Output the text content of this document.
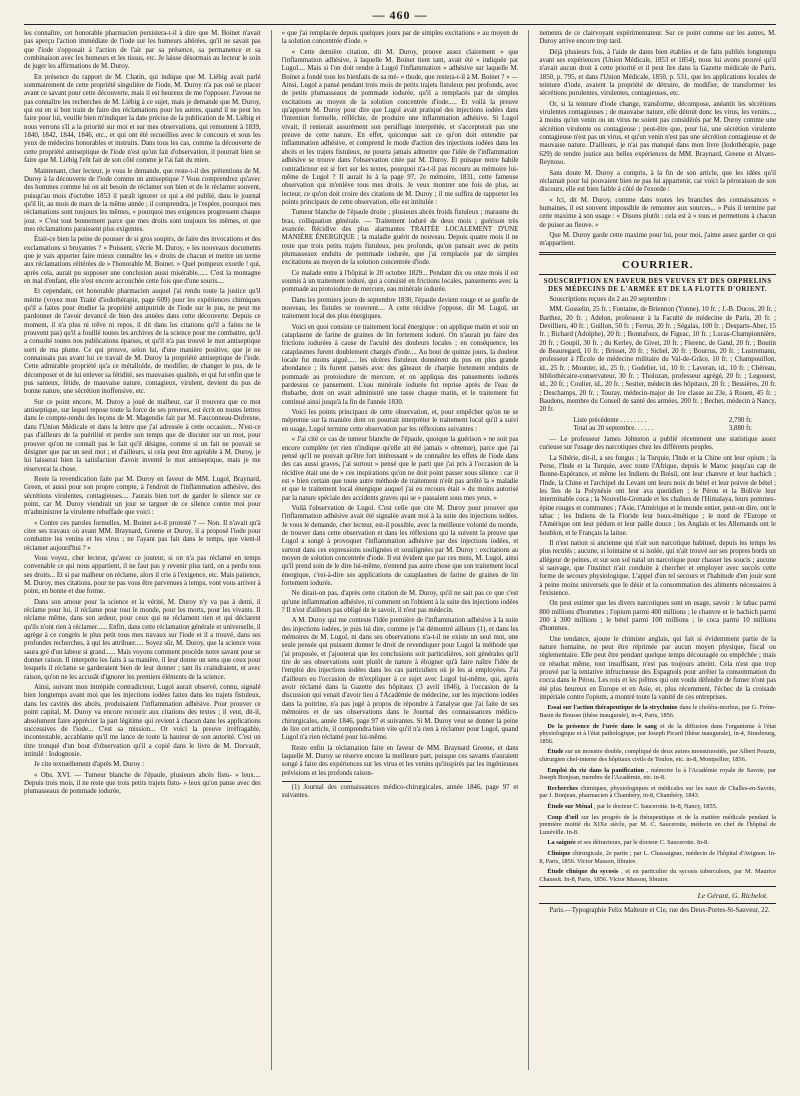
— 460 —

les connaître, cet honorable pharmacien persistera-t-il à dire que M. Boinet n'avait pas aperçu l'action immédiate de l'iode sur les humeurs altérées, qu'il ne savait pas que l'iode s'opposait à l'action de l'air par sa présence, sa permanence et sa combinaison avec les humeurs et les tissus, etc. Je laisse désormais au lecteur le soin de juger les affirmations de M. Duroy.

En présence du rapport de M. Chatin, qui indique que M. Liébig avait parlé sommairement de cette propriété singulière de l'iode, M. Duroy n'a pas osé se placer avant ce savant pour cette découverte, mais il est heureux de me l'opposer. J'avoue ne pas connaître les recherches de M. Liébig à ce sujet, mais je demande que M. Duroy, qui est en si bon train de faire des réclamations pour les autres, quand il ne peut les faire pour lui, veuille bien m'indiquer la date précise de la publication de M. Liébig et nous verrons s'il a la priorité sur moi et sur mes observations, qui remontent à 1839, 1840, 1842, 1844, 1846, etc., et qui ont été recueillies avec le concours et sous les yeux de médecins honorables et instruits. Dans tous les cas, comme la découverte de cette propriété antiseptique de l'iode n'est qu'un fait d'observation, il pourrait bien se faire que M. Liébig l'eût fait de son côté comme je l'ai fait du mien.

Maintenant, cher lecteur, je vous le demande, que reste-t-il des prétentions de M. Duroy à la découverte de l'iode comme un antiseptique ? Vous comprendrez qu'avec des hommes comme lui on ait besoin de réclamer son bien et de le réclamer souvent, puisqu'au mois d'octobre 1853 il paraît ignorer ce qui a été publié, dans le journal qu'il lit, au mois de mars de la même année ; il comprendra, je l'espère, pourquoi mes réclamations sont toujours les mêmes, « pourquoi mes exigences progressent chaque jour. » C'est tout bonnement parce que mes droits sont toujours les mêmes, et que mes réclamations paraissent plus exigentes.

Était-ce bien la peine de pousser de si gros soupirs, de faire des invocations et des exclamations si bruyantes ? « Puissent, s'écrie M. Duroy, » les nouveaux documents que je vais apporter faire mieux connaître les » droits de chacun et mettre un terme aux réclamations réitérées de » l'honorable M. Boinet. » Quel pompeux exorde ! qui, après cela, aurait pu supposer une conclusion aussi misérable...... C'est la montagne en mal d'enfant, elle n'est encore accouchée cette fois que d'une souris....

Et cependant, cet honorable pharmacien auquel j'ai rendu toute la justice qu'il mérite (voyez mon Traité d'iodothérapie, page 609) pour les expériences chimiques qu'il a faites pour étudier la propriété antiputride de l'iode sur le pus, ne peut me pardonner de l'avoir devancé de bien des années dans cette découverte. Depuis ce moment, il n'a plus ni trêve ni repos, il dit dans les citations qu'il a faites ne le prouvent pas) qu'il a fouillé toutes les archives de la science pour me combattre, qu'il a consulté toutes nos publications éparses, et qu'il n'a pas trouvé le mot antiseptique sorti de ma plume. Ce qui prouve, selon lui, d'une manière positive, que je ne connaissais pas avant lui ce travail de M. Duroy la propriété antiseptique de l'iode. Cette admirable propriété qu'a ce métalloïde, de modifier, de changer le pus, de le décomposer et de lui enlever sa fétidité, ses mauvaises qualités, et qui fut enfin que le pus sanieux, fétide, de mauvaise nature, contagieux, virulent, devient du pus de bonne nature, une sécrétion inoffensive, etc.

Sur ce point encore, M. Duroy a joué de malheur, car il trouvera que ce mot antiseptique, sur lequel repose toute la force de ses preuves, est écrit en toutes lettres dans le compte-rendu des leçons de M. Magendie fait par M. Fauconneau-Dufresne, dans l'Union Médicale et dans la lettre que j'ai adressée à cette occasion... N'est-ce pas d'ailleurs de la puérilité et perdre son temps que de discuter sur un mot, pour prouver qu'on ne connaît pas le fait qu'il désigne, comme si un fait ne pouvait se désigner que par un seul mot ; et d'ailleurs, si cela peut être agréable à M. Duroy, je lui laisserai bien la satisfaction d'avoir inventé le mot antiseptique, mais je me réserverai la chose.

Reste la revendication faite par M. Duroy en faveur de MM. Lugol, Braynard, Green, et aussi pour son propre compte, à l'endroit de l'inflammation adhésive, des sécrétions virulentes, contagieuses.... J'aurais bien tort de garder le silence sur ce point, car M. Duroy viendrait un jour se targuer de ce silence contre moi pour m'administrer la virulente rebuffade que voici :

« Contre ces paroles formelles, M. Boinet a-t-il protesté ? — Non. Il n'avait qu'à citer ses travaux où avant MM. Braynard, Greene et Duroy, il a proposé l'iode pour combattre les venins et les virus ; ne l'ayant pas fait dans le temps, que vient-il réclamer aujourd'hui ? »

Vous voyez, cher lecteur, qu'avec ce jouteur, si on n'a pas réclamé en temps convenable ce qui nous appartient, il ne faut pas y revenir plus tard, on a perdu tous ses droits... Et si par malheur on réclame, alors il crie à l'exigence, etc. Mais patience, M. Duroy, mes citations, pour ne pas vous être parvenues à temps, vont vous arriver à point, en bonne et due forme.

Dans son amour pour la science et la vérité, M. Duroy n'y va pas à demi, il réclame pour lui, il réclame pour tout le monde, pour les morts, pour les vivants. Il réclame même, dans son ardeur, pour ceux qui ne réclament rien et qui déclarent qu'ils n'ont rien à réclamer...... Enfin, dans cette réclamation générale et universelle, il agrège à ce congrès le plus petit tous mes travaux sur l'iode et il a trouvé, dans ses profondes recherches, à qui les attribuer..... Soyez sûr, M. Duroy, que la science vous saura gré d'un labeur si grand...... Mais voyons comment procède notre savant pour se donner raison. Il interprète les faits à sa manière, il leur donne un sens que ceux pour lesquels il réclame se garderaient bien de leur donner ; tant ils craindraient, et avec raison, qu'on ne les accusât d'ignorer les premiers éléments de la science.

Ainsi, suivant mon intrépide contradicteur, Lugol aurait observé, connu, signalé bien longtemps avant moi que les injections iodées faites dans les trajets fistuleux, dans les cavités des abcès, produisaient l'inflammation adhésive. Pour prouver ce point capital, M. Duroy va encore recourir aux citations des textes ; il veut, dit-il, absolument faire apprécier la part légitime qui revient à chacun dans les applications successives de l'iode... C'est sa mission... Or voici la preuve irréfragable, incontestable, accablante qu'il me lance de toute la hauteur de son autorité. C'est un titre tronqué d'un bout d'observation qu'il a copié dans le livre de M. Dorvault, intitulé : Iodognosie.

Je cite textuellement d'après M. Duroy :

« Obs. XVI. — Tumeur blanche de l'épaule, plusieurs abcès fistu- » leux.... Depuis trois mois, il ne reste que trois petits trajets fistu- » leux qu'on panse avec des plumasseaux de pommade iodurée,

» que j'ai remplacée depuis quelques jours par de simples excitations » au moyen de la solution concentrée d'iode. »

« Cette dernière citation, dit M. Duroy, prouve assez clairement » que l'inflammation adhésive, à laquelle M. Boinet tient tant, avait été » indiquée par Lugol.... Mais si l'on doit rendre à Lugol l'inflammation » adhésive sur laquelle M. Boinet a fondé tous les bienfaits de sa mé- » thode, que restera-t-il à M. Boinet ? » — Ainsi, Lugol a pansé pendant trois mois de petits trajets fistuleux peu profonds, avec de petits plumasseaux de pommade iodurée, qu'il a remplacés par de simples excitations au moyen de la solution concentrée d'iode..... Et voilà la preuve qu'apporte M. Duroy pour dire que Lugol avait pratiqué des injections iodées dans l'intention formelle, réfléchie, de produire une inflammation adhésive. Si Lugol vivait, il renierait assurément son persiflage interprétée, et s'accepterait pas une preuve de cette nature. En effet, quiconque sait ce qu'on doit entendre par inflammation adhésive, et comprend le mode d'action des injections iodées dans les abcès et les trajets fistuleux, ne pourra jamais admettre que l'idée de l'inflammation adhésive se trouve dans l'observation citée par M. Duroy. Et puisque notre habile contradicteur est si fort sur les textes, pourquoi n'a-t-il pas recouru au mémoire lui-même de Lugol ? Il aurait lu à la page 97, 2e mémoire, 1831, cette fameuse observation qui m'enlève tous mes droits. Je veux montrer une fois de plus, au lecteur, ce qu'on doit croire des citations de M. Duroy ; il me suffira de rapporter les points principaux de cette observation, elle est intitulée :

Tumeur blanche de l'épaule droite ; plusieurs abcès froids fistuleux ; marasme du bras, colliquation générale. — Traitement ioduré de deux mois ; guérison très avancée. Récidive des plus alarmantes TRAITÉE LOCALEMENT D'UNE MANIÈRE ÉNERGIQUE ; la maladie guérit de nouveau. Depuis quatre mois il ne reste que trois petits trajets fistuleux, peu profonds, qu'on pansait avec de petits plumasseaux enduits de pommade iodurée, que j'ai remplacée par de simples excitations au moyen de la solution concentrée d'iode.

Ce malade entre à l'hôpital le 20 octobre 1829... Pendant dix ou onze mois il est soumis à un traitement ioduré, qui a consisté en frictions locales, pansements avec la pommade au protoiodure de mercure, eau minérale iodurée.

Dans les premiers jours de septembre 1830, l'épaule devient rouge et se gonfle de nouveau, les fistules se rouvrent.... A cette récidive j'oppose, dit M. Lugol, un traitement local des plus énergiques.

Voici en quoi consiste ce traitement local énergique : on applique matin et soir un cataplasme de farine de graines de lin fortement ioduré. On n'aurait pu faire des frictions iodurées à cause de l'acuité des douleurs locales ; en conséquence, les cataplasmes furent doublement chargés d'iode.... Au bout de quinze jours, la douleur locale fut moins aiguë..... les ulcères fistuleux donnèrent du pus en plus grande abondance ; ils furent pansés avec des gâteaux de charpie fortement enduits de pommade au protoiodure de mercure, et on appliqua des pansements iodurés pardessus ce pansement. L'eau minérale iodurée fut reprise après de l'eau de rhubarbe, dont on avait administré une tasse chaque matin, et le traitement fut continué ainsi jusqu'à la fin de l'année 1830.

Voici les points principaux de cette observation, et, pour empêcher qu'on ne se méprenne sur la manière dont on pourrait interpréter le traitement local qu'il a suivi en usage, Lugol termine cette observation par les réflexions suivantes :

« J'ai cité ce cas de tumeur blanche de l'épaule, quoique la guérison » ne soit pas encore complète (et rien n'indique qu'elle ait été jamais » obtenue), parce que j'ai pensé qu'il ne pouvait qu'être fort intéressant » de connaître les effets de l'iode dans des cas aussi graves, j'ai surtout » pensé que le parti que j'ai pris à l'occasion de la récidive était une de » ces inspirations qu'on ne doit point passer sous silence : car il est » bien certain que toute autre méthode de traitement n'eût pas arrêté la » maladie et que le traitement local énergique auquel j'ai eu recours était » du moins autorisé par la nature spéciale des accidents graves qui se » passaient sous mes yeux. »

Voilà l'observation de Lugol. C'est celle que cite M. Duroy pour prouver que l'inflammation adhésive avait été signalée avant moi à la suite des injections iodées. Je vous le demande, cher lecteur, est-il possible, avec la meilleure volonté du monde, de trouver dans cette observation et dans les réflexions qui la suivent la preuve que Lugol a songé à provoquer l'inflammation adhésive par des injections iodées, et surtout dans ces expressions soulignées et souslignées par M. Duroy : excitations au moyen de solution concentrée d'iode. Il est évident que par ces mots, M. Lugol, ainsi qu'il prend soin de le dire lui-même, n'entend pas autre chose que son traitement local énergique, c'est-à-dire ses applications de cataplasmes de farine de graines de lin fortement iodurés.

Ne dirait-on pas, d'après cette citation de M. Duroy, qu'il ne sait pas ce que c'est qu'une inflammation adhésive, ni comment on l'obtient à la suite des injections iodées ? Il n'est d'ailleurs pas obligé de le savoir, il n'est pas médecin.

A M. Duroy qui me conteste l'idée première de l'inflammation adhésive à la suite des injections iodées, je puis lui dire, comme je l'ai démontré ailleurs (1), et dans les mémoires de M. Lugol, ni dans ses observations n'a-t-il ne existe un seul mot, une seule pensée qui puissent donner le droit de revendiquer pour Lugol la méthode que j'ai proposée, et j'ajouterai que les conclusions soit particulières, soit générales qu'il tire de ses observations sont plutôt de nature à éloigner qu'à faire naître l'idée de l'emploi des injections iodées dans les cas particuliers où je les ai employées. J'ai d'ailleurs eu l'occasion de m'expliquer à ce sujet avec Lugol lui-même, qui, après avoir réclamé dans la Gazette des hôpitaux (3 avril 1846), à l'occasion de la discussion qui venait d'avoir lieu à l'Académie de médecine, sur les injections iodées dans la poitrine, n'a pas jugé à propos de répondre à l'analyse que j'ai faite de ses mémoires et de ses observations dans le Journal des connaissances médico-chirurgicales, année 1846, page 97 et suivantes. Si M. Duroy veut se donner la peine de lire cet article, il comprendra bien vite qu'il n'a rien à réclamer pour Lugol, quand Lugol n'a rien réclamé pour lui-même.

Reste enfin la réclamation faite en faveur de MM. Braynard Greene, et dans laquelle M. Duroy se réserve encore la meilleure part, puisque ces savants n'auraient songé à faire des expériences sur les virus et les venins qu'inspirés par les ingénieuses prévisions et les profonds raison-

(1) Journal des connaissances médico-chirurgicales, année 1846, page 97 et suivantes.

nements de ce clairvoyant expérimentateur. Sur ce point comme sur les autres, M. Duroy arrive encore trop tard.

Déjà plusieurs fois, à l'aide de dates bien établies et de faits publiés longtemps avant ses expériences (Union Médicale, 1853 et 1854), nous lui avons prouvé qu'il n'avait aucun droit à cette priorité et il peut lire dans la Gazette médicale de Paris, 1850, p. 795, et dans l'Union Médicale, 1850, p. 531, que les applications locales de teinture d'iode, avaient la propriété de détruire, de modifier, de transformer les sécrétions purulentes, virulentes, contagieuses, etc.

Or, si la teinture d'iode change, transforme, décompose, anéantit les sécrétions virulentes contagieuses ; de mauvaise nature, elle détruit donc les virus, les venins..., à moins qu'un venin ou un virus ne soient pas considérés par M. Duroy comme une sécrétion virulente ou contagieuse ; peut-être que, pour lui, une sécrétion virulente contagieuse n'est pas un virus, et qu'un venin n'est pas une sécrétion contagieuse et de mauvaise nature. D'ailleurs, je n'ai pas manqué dans mon livre (Iodothérapie, page 629) de rendre justice aux belles expériences de MM. Braynard, Greene et Alvaro-Reynoso.

Sans doute M. Duroy a compris, à la fin de son article, que les idées qu'il réclamait pour lui pouvaient bien ne pas lui appartenir, car voici la péroraison de son discours, elle est bien faible à côté de l'exorde :

« Ici, dit M. Duroy, comme dans toutes les branches des connaissances » humaines, il est souvent impossible de remonter aux sources... » Puis il termine par cette maxime à son usage : « Disons plutôt : cela est à » tous et permettons à chacun de puiser au fleuve. »

Que M. Duroy garde cette maxime pour lui, pour moi, j'aime assez garder ce qui m'appartient.

COURRIER.
SOUSCRIPTION EN FAVEUR DES VEUVES ET DES ORPHELINS DES MÉDECINS DE L'ARMÉE ET DE LA FLOTTE D'ORIENT.

Souscriptions reçues du 2 au 20 septembre :

MM. Gosselin, 25 fr. ; Fontaine, de Briennon (Yonne), 10 fr. ; J.-B. Ducos, 20 fr. ; Barthez, 20 fr. ; Adelon, professeur à la Faculté de médecine de Paris, 20 fr. ; Devilliers, 40 fr. ; Guillon, 50 fr. ; Ferrus, 20 fr. ; Ségalas, 100 fr. ; Desparts-Aber, 15 fr. ; Richard (Adolphe), 20 fr. ; Bonnafoux, de Figeac, 10 fr. ; Lucas-Championnière, 20 fr. ; Goupil, 30 fr. ; du Kerley, de Givet, 20 fr. ; Flerenc, de Gand, 20 fr. ; Boutin de Beauregard, 10 fr. ; Brisset, 20 fr. ; Sichel, 20 fr. ; Bourrus, 20 fr. ; Lustremann, professeur à l'École de médecine militaire du Val-de-Grâce, 10 fr. ; Champouillon, id., 25 fr. ; Mounier, id., 25 fr. ; Godelier, id., 10 fr. ; Laveran, id., 10 fr. ; Chéreau, bibliothécaire-conservateur, 30 fr. ; Tholozan, professeur agrégé, 20 fr. ; Legouest, id., 20 fr. ; Coulier, id., 20 fr. ; Sestier, médecin des hôpitaux, 20 fr. ; Bessières, 20 fr. ; Deschamps, 20 fr. ; Touray, médecin-major de 1re classe au 23e, à Rouen, 45 fr. ; Baudens, membre du Conseil de santé des armées, 200 fr. ; Bechet, médecin à Nancy, 20 fr.

Liste précédente . . . . . . . .	2,790 fr.
Total au 20 septembre. . . . . .	3,880 fr.

— Le professeur James Johnston a publié récemment une statistique assez curieuse sur l'usage des narcotiques chez les différents peuples.

La Sibérie, dit-il, a ses fongus ; la Turquie, l'Inde et la Chine ont leur opium ; la Perse, l'Inde et la Turquie, avec toute l'Afrique, depuis le Maroc jusqu'au cap de Bonne-Espérance, et même les Indiens du Brésil, ont leur chanvre et leur hachich ; l'Inde, la Chine et l'archipel du Levant ont leurs noix de bétel et leur poivre de bétel ; les îles de la Polynésie ont leur ava quotidien ; le Pérou et la Bolivie leur interminable coca ; la Nouvelle-Grenade et les chaînes de l'Himalaya, leurs pommes-épine rouges et communes ; l'Asie, l'Amérique et le monde entier, peut-on dire, ont le tabac ; les Indiens de la Floride leur houx-émétique ; le nord de l'Europe et l'Amérique ont leur pédum et leur paille douce ; les Anglais et les Allemands ont le houblon, et le Français la laitue.

Il n'est nation si ancienne qui n'ait son narcotique habituel, depuis les temps les plus reculés ; aucune, si lointaine et si isolée, qui n'ait trouvé sur ses propres bords un allégeur de peines, et sur son sol natal un narcotique pour chasser les soucis ; aucune si sauvage, que l'instinct n'ait conduite à chercher et employer avec succès cette forme de secours physiologique. L'appel d'un tel secours et l'habitude d'en jouir sont à peine moins universels que le désir et la consommation des aliments nécessaires à l'existence.

On peut estimer que les divers narcotiques sont en usage, savoir : le tabac parmi 800 millions d'hommes ; l'opium parmi 400 millions ; le chanvre et le hachich parmi 200 à 300 millions ; le bétel parmi 100 millions ; le coca parmi 10 millions d'hommes.

Une tendance, ajoute le chimiste anglais, qui fait si évidemment partie de la nature humaine, ne peut être réprimée par aucun moyen physique, fiscal ou réglementaire. Elle peut être pendant quelque temps découragée ou empêchée ; mais ce résultat même, tout insuffisant, n'est pas toujours atteint. Cela n'est que trop prouvé par la tentative infructueuse des Espagnols pour arrêter la consommation du cocca dans le Pérou. Les rois et les prêtres qui ont voulu défendre de fumer n'ont pas été plus heureux en Europe et en Asie, et, plus récemment, l'échec de la croisade impériale contre l'opium, a montré toute la vanité de ces entreprises.

Essai sur l'action thérapeutique de la strychnine dans le choléra-morbus, par G. Fréne-Basin de Bousso (thèse inaugurale), in-4, Paris, 1856.

De la présence de l'urée dans le sang et de la diffusion dans l'organisme à l'état physiologique et à l'état pathologique, par Joseph Picard (thèse inaugurale), in-4, Strasbourg, 1856.

Étude sur un monstre double, compliqué de deux autres monstruosités, par Albert Pouzin, chirurgien chef-interne des hôpitaux civils de Toulon, etc. in-8, Montpellier, 1856.

Emploi du riz dans la panification , mémoire lu à l'Académie royale de Savoie, par Joseph Bonjean, membre de l'Académie, etc. in-8.

Recherches chimiques, physiologiques et médicales sur les eaux de Challes-en-Savoie, par J. Bonjean, pharmacien à Chambéry, in-8, Chambéry, 1843.

Étude sur Ménal , par le docteur C. Saucerotte. In-8, Nancy, 1855.

Coup d'œil sur les progrès de la thérapeutique et de la matière médicale pendant la première moitié du XIXe siècle, par M. C. Saucerotte, médecin en chef de l'hôpital de Lunéville. In-8.

La saignée et ses détracteurs, par le docteur C. Saucerotte. In-8.

Clinique chirurgicale, 2e partie ; par L. Chassaignac, médecin de l'hôpital d'Avignon. In-8, Paris, 1856. Victor Masson, libraire.

Étude clinique du sycosis , et en particulier du sycosis tuberculeux, par M. Maurice Chaussit. In-8, Paris, 1856. Victor Masson, libraire.

Le Gérant, G. Richelot.

Paris.—Typographie Felix Malteste et Cie, rue des Deux-Portes-St-Sauveur, 22.
